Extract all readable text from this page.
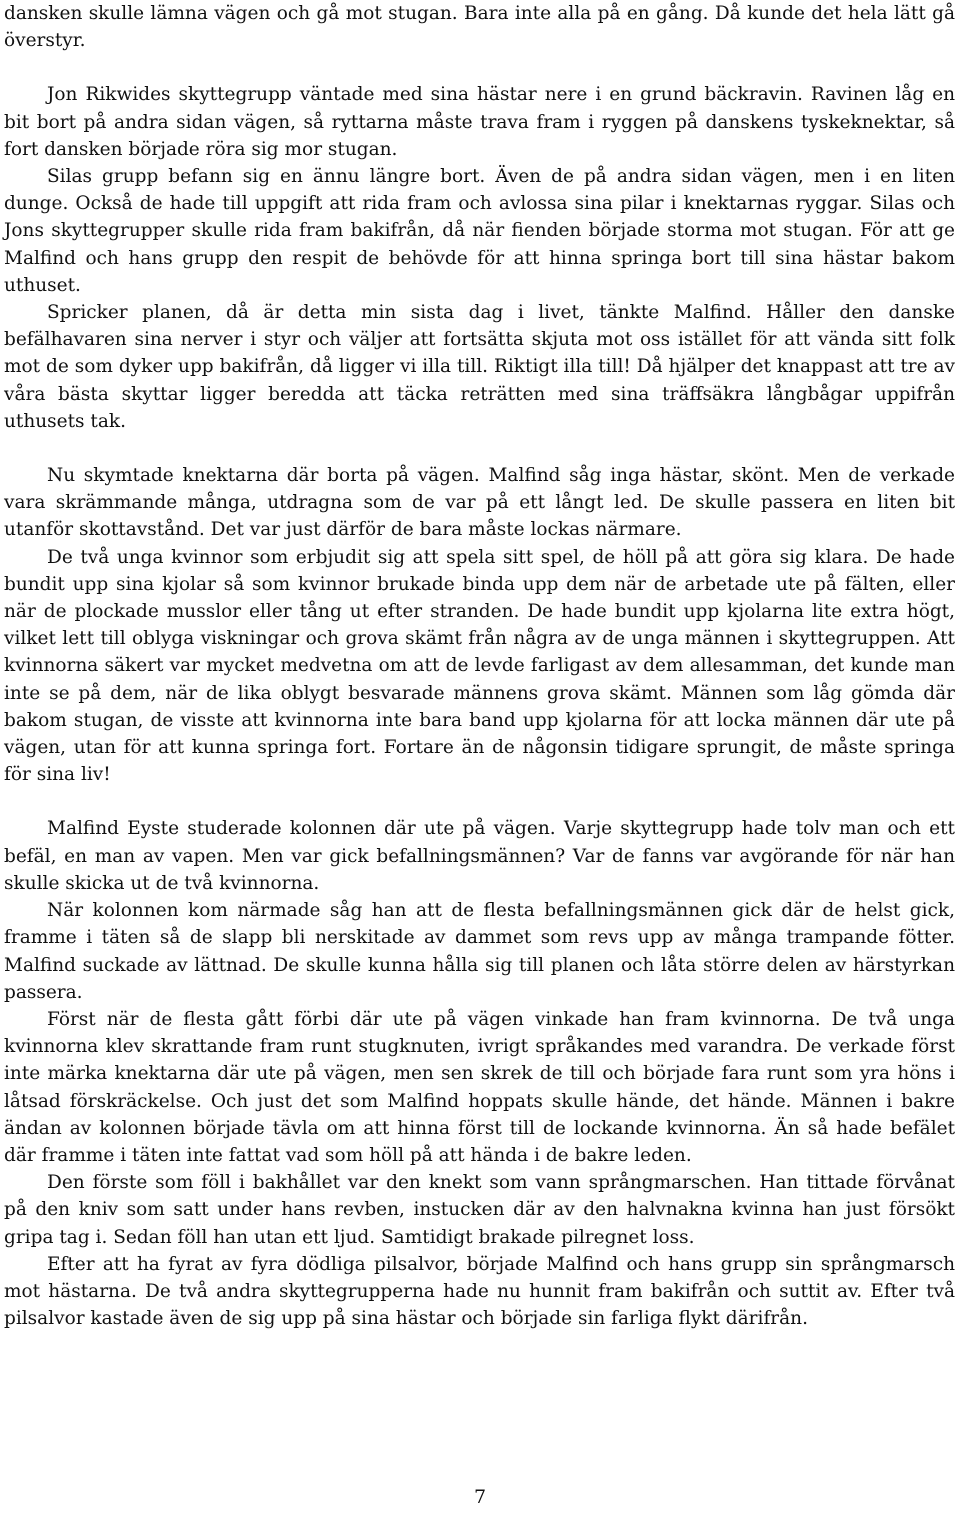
dansken skulle lämna vägen och gå mot stugan. Bara inte alla på en gång. Då kunde det hela lätt gå överstyr.

Jon Rikwides skyttegrupp väntade med sina hästar nere i en grund bäckravin. Ravinen låg en bit bort på andra sidan vägen, så ryttarna måste trava fram i ryggen på danskens tyskeknektar, så fort dansken började röra sig mor stugan.

Silas grupp befann sig en ännu längre bort. Även de på andra sidan vägen, men i en liten dunge. Också de hade till uppgift att rida fram och avlossa sina pilar i knektarnas ryggar. Silas och Jons skyttegrupper skulle rida fram bakifrån, då när fienden började storma mot stugan. För att ge Malfind och hans grupp den respit de behövde för att hinna springa bort till sina hästar bakom uthuset.

Spricker planen, då är detta min sista dag i livet, tänkte Malfind. Håller den danske befälhavaren sina nerver i styr och väljer att fortsätta skjuta mot oss istället för att vända sitt folk mot de som dyker upp bakifrån, då ligger vi illa till. Riktigt illa till! Då hjälper det knappast att tre av våra bästa skyttar ligger beredda att täcka reträtten med sina träffsäkra långbågar uppifrån uthusets tak.

Nu skymtade knektarna där borta på vägen. Malfind såg inga hästar, skönt. Men de verkade vara skrämmande många, utdragna som de var på ett långt led. De skulle passera en liten bit utanför skottavstånd. Det var just därför de bara måste lockas närmare.

De två unga kvinnor som erbjudit sig att spela sitt spel, de höll på att göra sig klara. De hade bundit upp sina kjolar så som kvinnor brukade binda upp dem när de arbetade ute på fälten, eller när de plockade musslor eller tång ut efter stranden. De hade bundit upp kjolarna lite extra högt, vilket lett till oblyga viskningar och grova skämt från några av de unga männen i skyttegruppen. Att kvinnorna säkert var mycket medvetna om att de levde farligast av dem allesamman, det kunde man inte se på dem, när de lika oblygt besvarade männens grova skämt. Männen som låg gömda där bakom stugan, de visste att kvinnorna inte bara band upp kjolarna för att locka männen där ute på vägen, utan för att kunna springa fort. Fortare än de någonsin tidigare sprungit, de måste springa för sina liv!

Malfind Eyste studerade kolonnen där ute på vägen. Varje skyttegrupp hade tolv man och ett befäl, en man av vapen. Men var gick befallningsmännen? Var de fanns var avgörande för när han skulle skicka ut de två kvinnorna.

När kolonnen kom närmade såg han att de flesta befallningsmännen gick där de helst gick, framme i täten så de slapp bli nerskitade av dammet som revs upp av många trampande fötter. Malfind suckade av lättnad. De skulle kunna hålla sig till planen och låta större delen av härstyrkan passera.

Först när de flesta gått förbi där ute på vägen vinkade han fram kvinnorna. De två unga kvinnorna klev skrattande fram runt stugknuten, ivrigt språkandes med varandra. De verkade först inte märka knektarna där ute på vägen, men sen skrek de till och började fara runt som yra höns i låtsad förskräckelse. Och just det som Malfind hoppats skulle hände, det hände. Männen i bakre ändan av kolonnen började tävla om att hinna först till de lockande kvinnorna. Än så hade befälet där framme i täten inte fattat vad som höll på att hända i de bakre leden.

Den förste som föll i bakhållet var den knekt som vann språngmarschen. Han tittade förvånat på den kniv som satt under hans revben, instucken där av den halvnakna kvinna han just försökt gripa tag i. Sedan föll han utan ett ljud. Samtidigt brakade pilregnet loss.

Efter att ha fyrat av fyra dödliga pilsalvor, började Malfind och hans grupp sin språngmarsch mot hästarna. De två andra skyttegrupperna hade nu hunnit fram bakifrån och suttit av. Efter två pilsalvor kastade även de sig upp på sina hästar och började sin farliga flykt därifrån.

7
